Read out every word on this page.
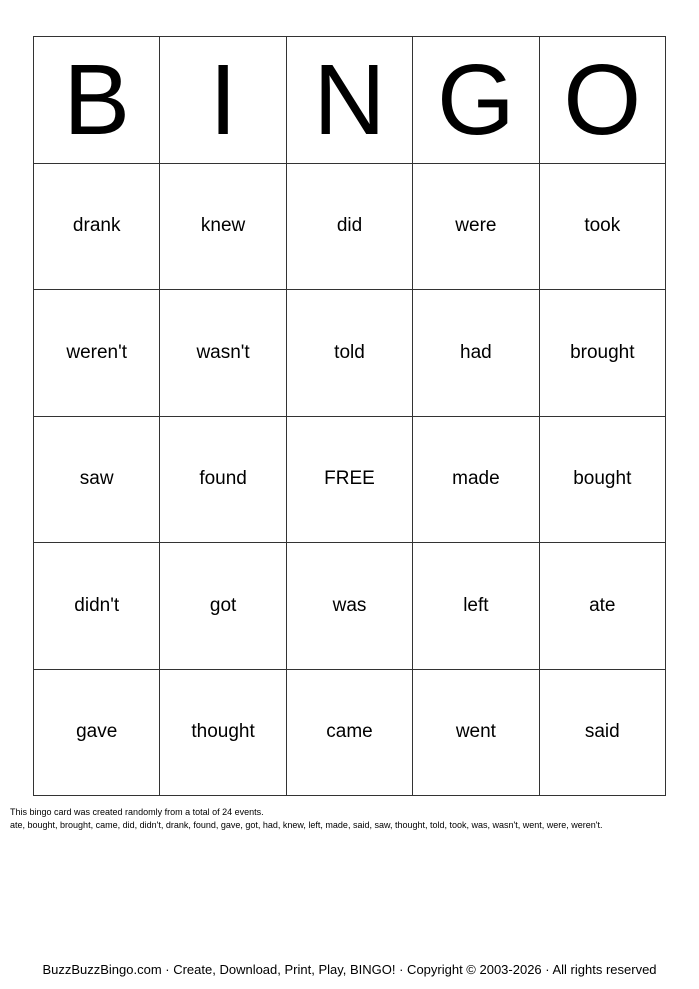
B I N G O
drank	knew	did	were	took
weren't	wasn't	told	had	brought
saw	found	FREE	made	bought
didn't	got	was	left	ate
gave	thought	came	went	said
This bingo card was created randomly from a total of 24 events.
ate, bought, brought, came, did, didn't, drank, found, gave, got, had, knew, left, made, said, saw, thought, told, took, was, wasn't, went, were, weren't.
BuzzBuzzBingo.com · Create, Download, Print, Play, BINGO! · Copyright © 2003-2026 · All rights reserved
